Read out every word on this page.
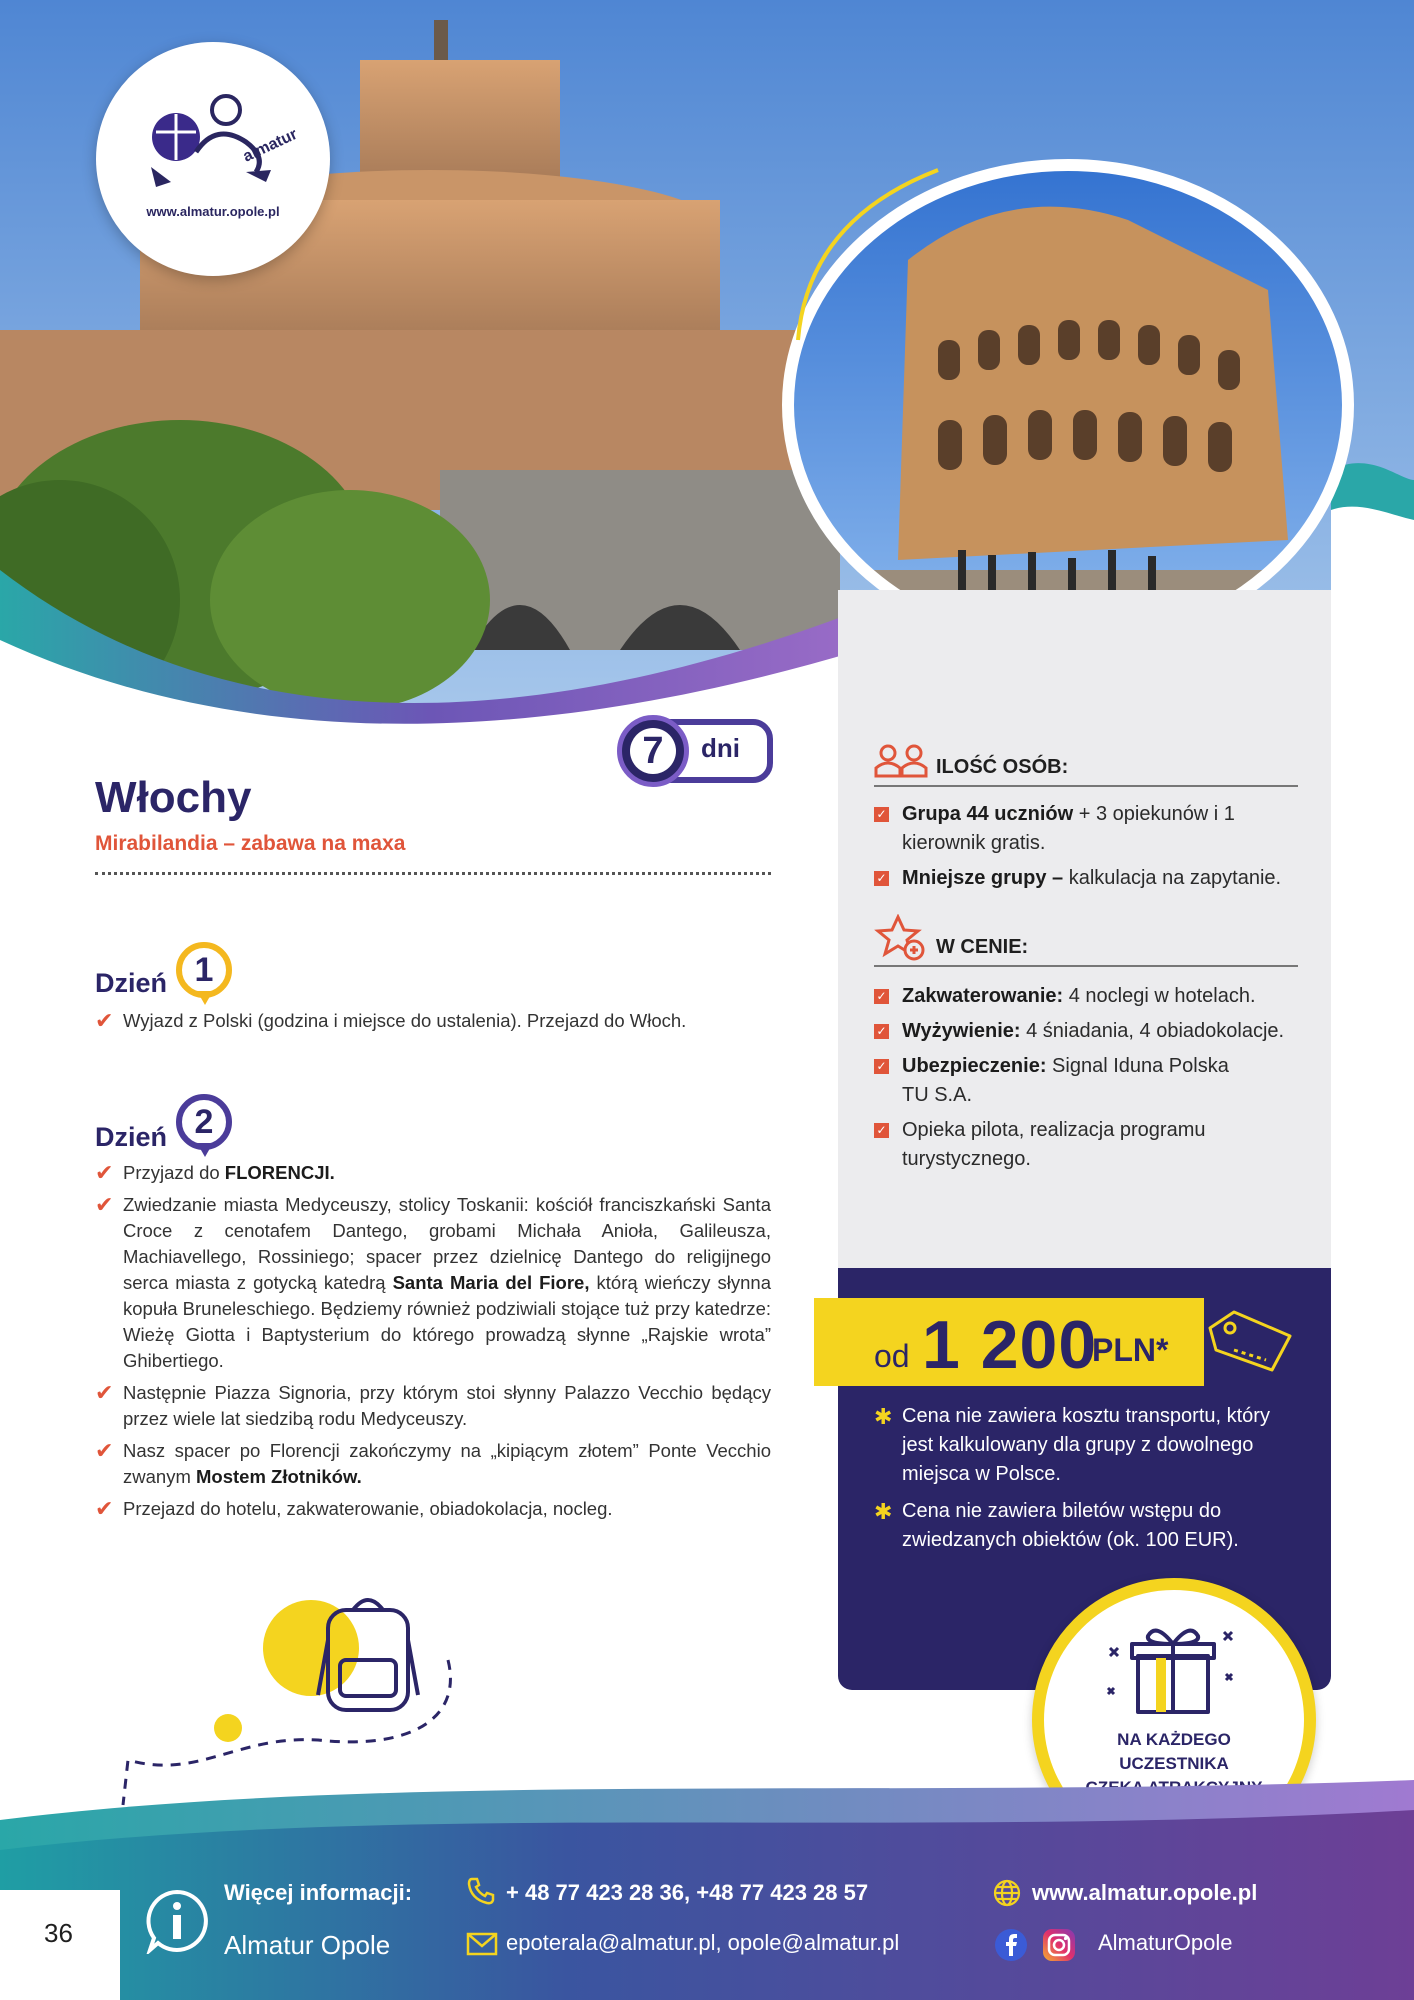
almatur
www.almatur.opole.pl
7	dni
Włochy
Mirabilandia – zabawa na maxa
Dzień 1
✔ Wyjazd z Polski (godzina i miejsce do ustalenia). Przejazd do Włoch.
Dzień 2
✔ Przyjazd do FLORENCJI.
✔ Zwiedzanie miasta Medyceuszy, stolicy Toskanii: kościół franciszkański Santa Croce z cenotafem Dantego, grobami Michała Anioła, Galileusza, Machiavellego, Rossiniego; spacer przez dzielnicę Dantego do religijnego serca miasta z gotycką katedrą Santa Maria del Fiore, którą wieńczy słynna kopuła Bruneleschiego. Będziemy również podziwiali stojące tuż przy katedrze: Wieżę Giotta i Baptysterium do którego prowadzą słynne „Rajskie wrota” Ghibertiego.
✔ Następnie Piazza Signoria, przy którym stoi słynny Palazzo Vecchio będący przez wiele lat siedzibą rodu Medyceuszy.
✔ Nasz spacer po Florencji zakończymy na „kipiącym złotem” Ponte Vecchio zwanym Mostem Złotników.
✔ Przejazd do hotelu, zakwaterowanie, obiadokolacja, nocleg.
ILOŚĆ OSÓB:
✓ Grupa 44 uczniów + 3 opiekunów i 1 kierownik gratis.
✓ Mniejsze grupy – kalkulacja na zapytanie.
W CENIE:
✓ Zakwaterowanie: 4 noclegi w hotelach.
✓ Wyżywienie: 4 śniadania, 4 obiadokolacje.
✓ Ubezpieczenie: Signal Iduna Polska TU S.A.
✓ Opieka pilota, realizacja programu turystycznego.
od 1 200
PLN*
✱ Cena nie zawiera kosztu transportu, który jest kalkulowany dla grupy z dowolnego miejsca w Polsce.
✱ Cena nie zawiera biletów wstępu do zwiedzanych obiektów (ok. 100 EUR).
NA KAŻDEGO
UCZESTNIKA
36
Więcej informacji:
Almatur Opole
+ 48 77 423 28 36, +48 77 423 28 57
epoterala@almatur.pl, opole@almatur.pl
www.almatur.opole.pl
AlmaturOpole
